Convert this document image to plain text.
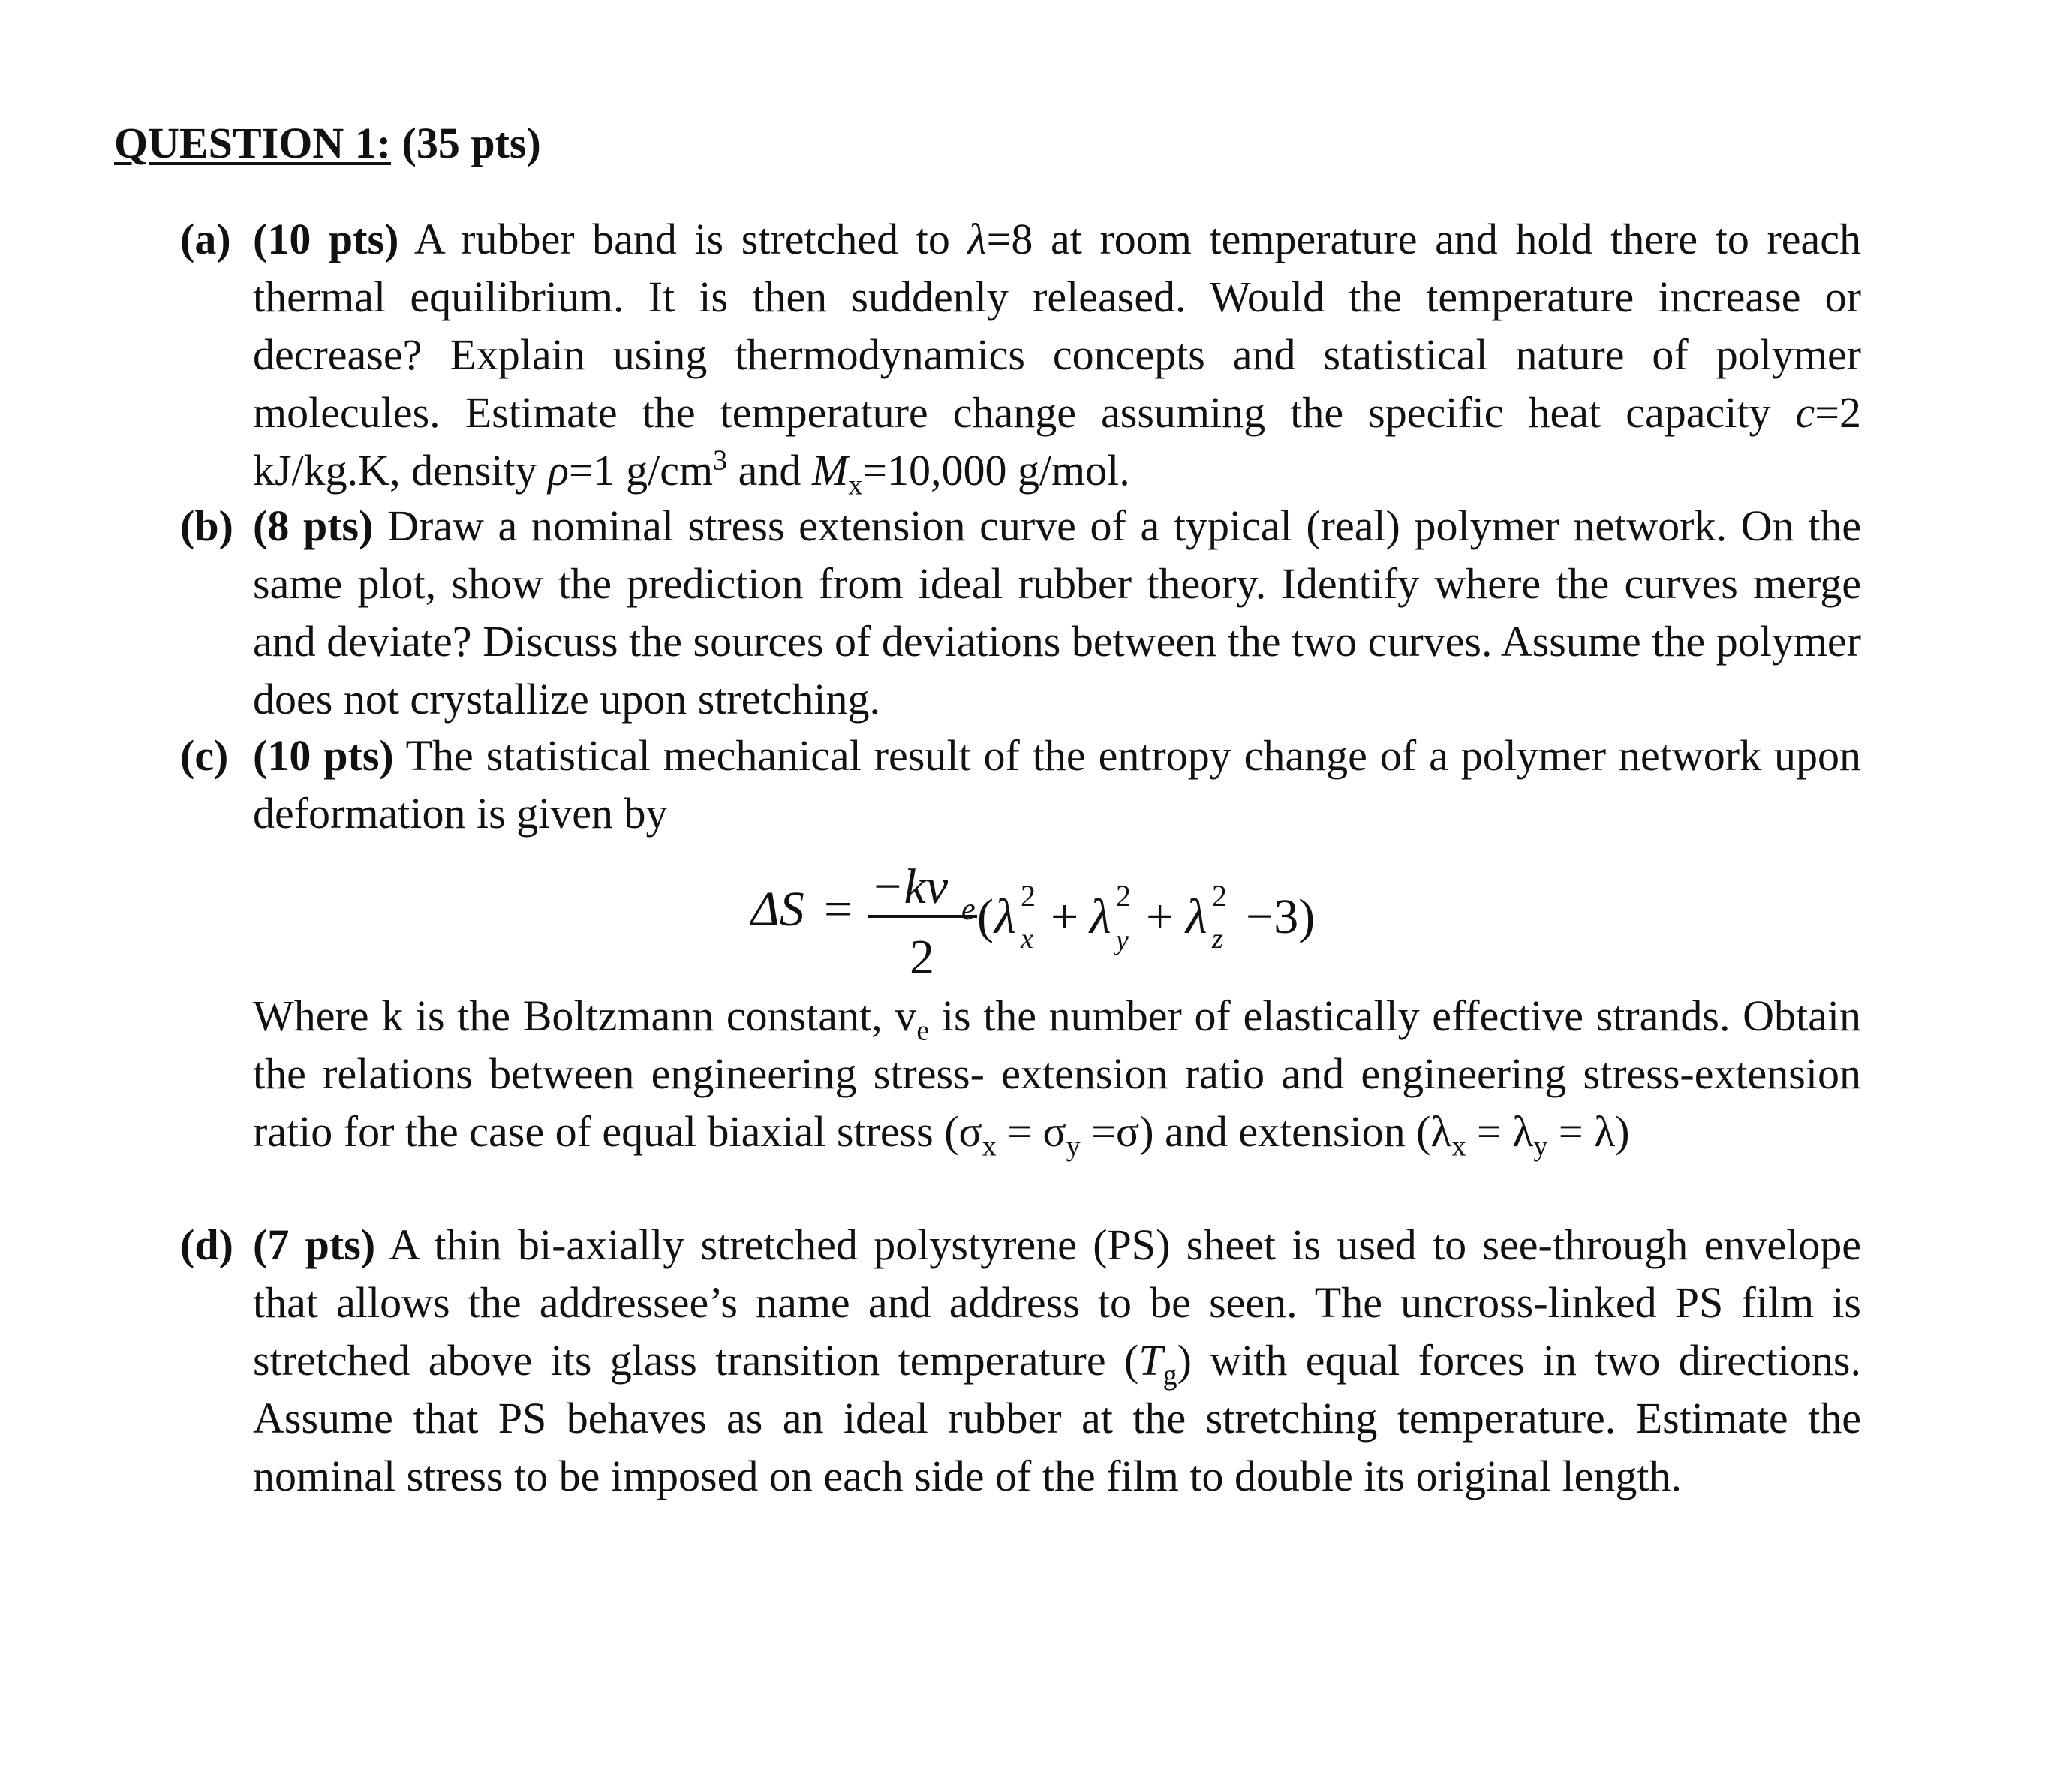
QUESTION 1: (35 pts)
(a) (10 pts) A rubber band is stretched to λ=8 at room temperature and hold there to reach thermal equilibrium. It is then suddenly released. Would the temperature increase or decrease? Explain using thermodynamics concepts and statistical nature of polymer molecules. Estimate the temperature change assuming the specific heat capacity c=2 kJ/kg.K, density ρ=1 $g/cm^3$ and $M_x=10,000$ g/mol.
(b) (8 pts) Draw a nominal stress extension curve of a typical (real) polymer network. On the same plot, show the prediction from ideal rubber theory. Identify where the curves merge and deviate? Discuss the sources of deviations between the two curves. Assume the polymer does not crystallize upon stretching.
(c) (10 pts) The statistical mechanical result of the entropy change of a polymer network upon deformation is given by
ΔS = −kv e
2
( λ 2
x + λ 2
y + λ 2
z −3)
Where k is the Boltzmann constant, $v_e$ is the number of elastically effective strands. Obtain the relations between engineering stress- extension ratio and engineering stress-extension ratio for the case of equal biaxial stress $(\sigma_x = \sigma_y =\sigma)$ and extension $(\lambda_x = \lambda_y = \lambda)$
(d) (7 pts) A thin bi-axially stretched polystyrene (PS) sheet is used to see-through envelope that allows the addressee’s name and address to be seen. The uncross-linked PS film is stretched above its glass transition temperature $(T_g)$ with equal forces in two directions. Assume that PS behaves as an ideal rubber at the stretching temperature. Estimate the nominal stress to be imposed on each side of the film to double its original length.
